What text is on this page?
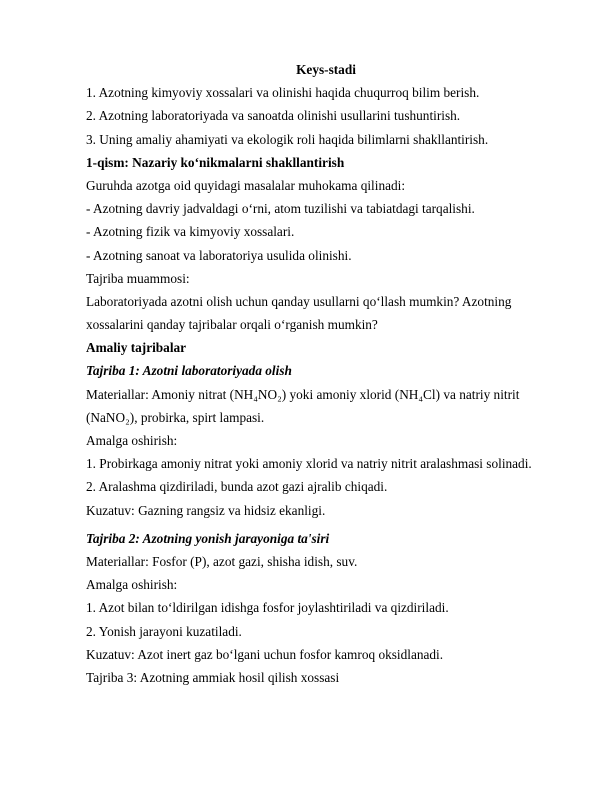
Keys-stadi
1. Azotning kimyoviy xossalari va olinishi haqida chuqurroq bilim berish.
2. Azotning laboratoriyada va sanoatda olinishi usullarini tushuntirish.
3. Uning amaliy ahamiyati va ekologik roli haqida bilimlarni shakllantirish.
1-qism: Nazariy ko‘nikmalarni shakllantirish
Guruhda azotga oid quyidagi masalalar muhokama qilinadi:
- Azotning davriy jadvaldagi o‘rni, atom tuzilishi va tabiatdagi tarqalishi.
- Azotning fizik va kimyoviy xossalari.
- Azotning sanoat va laboratoriya usulida olinishi.
Tajriba muammosi:
Laboratoriyada azotni olish uchun qanday usullarni qo‘llash mumkin? Azotning
xossalarini qanday tajribalar orqali o‘rganish mumkin?
Amaliy tajribalar
Tajriba 1: Azotni laboratoriyada olish
Materiallar: Amoniy nitrat (NH₄NO₂) yoki amoniy xlorid (NH₄Cl) va natriy nitrit
(NaNO₂), probirka, spirt lampasi.
Amalga oshirish:
1. Probirkaga amoniy nitrat yoki amoniy xlorid va natriy nitrit aralashmasi solinadi.
2. Aralashma qizdiriladi, bunda azot gazi ajralib chiqadi.
Kuzatuv: Gazning rangsiz va hidsiz ekanligi.
Tajriba 2: Azotning yonish jarayoniga ta'siri
Materiallar: Fosfor (P), azot gazi, shisha idish, suv.
Amalga oshirish:
1. Azot bilan to‘ldirilgan idishga fosfor joylashtiriladi va qizdiriladi.
2. Yonish jarayoni kuzatiladi.
Kuzatuv: Azot inert gaz bo‘lgani uchun fosfor kamroq oksidlanadi.
Tajriba 3: Azotning ammiak hosil qilish xossasi
